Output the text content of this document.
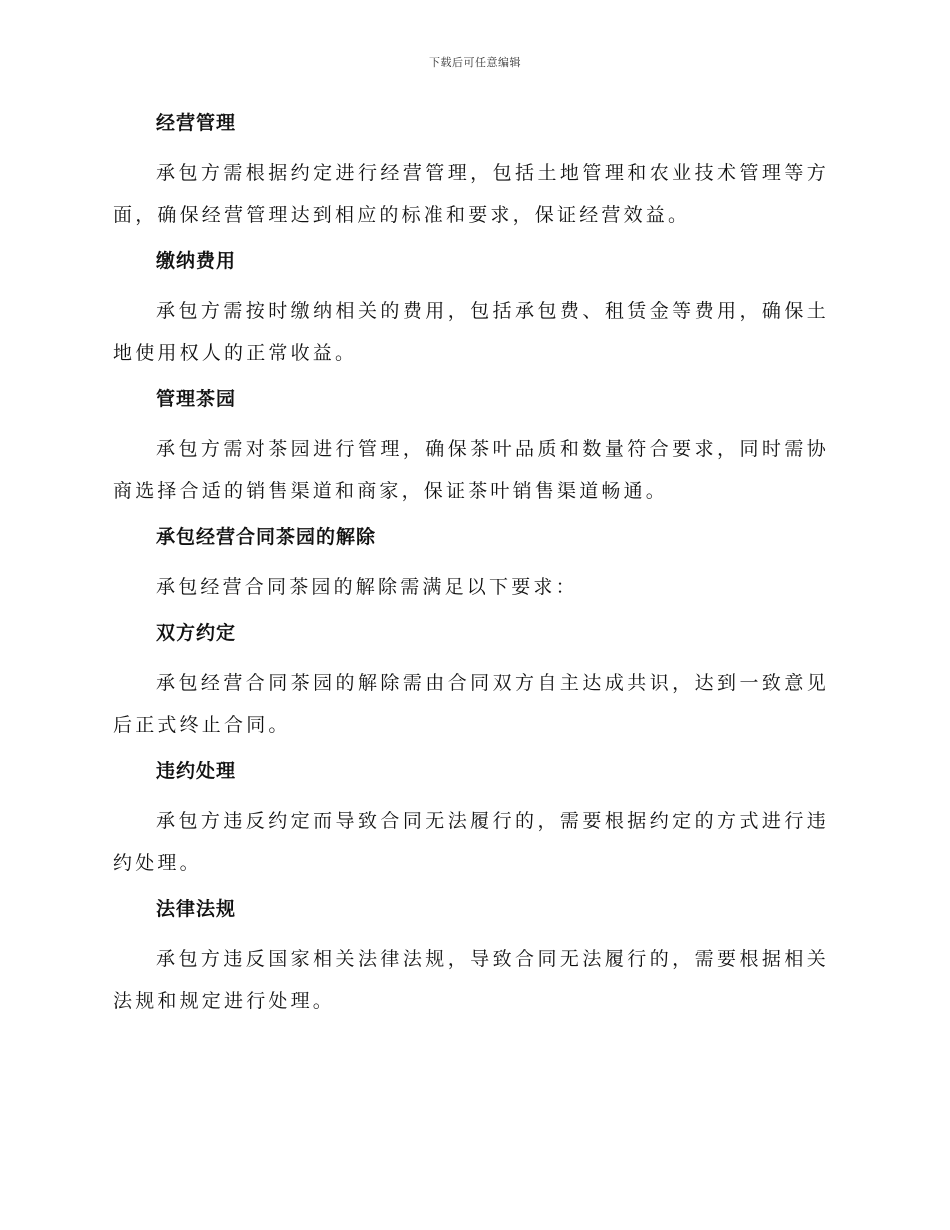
下载后可任意编辑
经营管理

承包方需根据约定进行经营管理，包括土地管理和农业技术管理等方面，确保经营管理达到相应的标准和要求，保证经营效益。

缴纳费用

承包方需按时缴纳相关的费用，包括承包费、租赁金等费用，确保土地使用权人的正常收益。

管理茶园

承包方需对茶园进行管理，确保茶叶品质和数量符合要求，同时需协商选择合适的销售渠道和商家，保证茶叶销售渠道畅通。

承包经营合同茶园的解除

承包经营合同茶园的解除需满足以下要求：

双方约定

承包经营合同茶园的解除需由合同双方自主达成共识，达到一致意见后正式终止合同。

违约处理

承包方违反约定而导致合同无法履行的，需要根据约定的方式进行违约处理。

法律法规

承包方违反国家相关法律法规，导致合同无法履行的，需要根据相关法规和规定进行处理。
